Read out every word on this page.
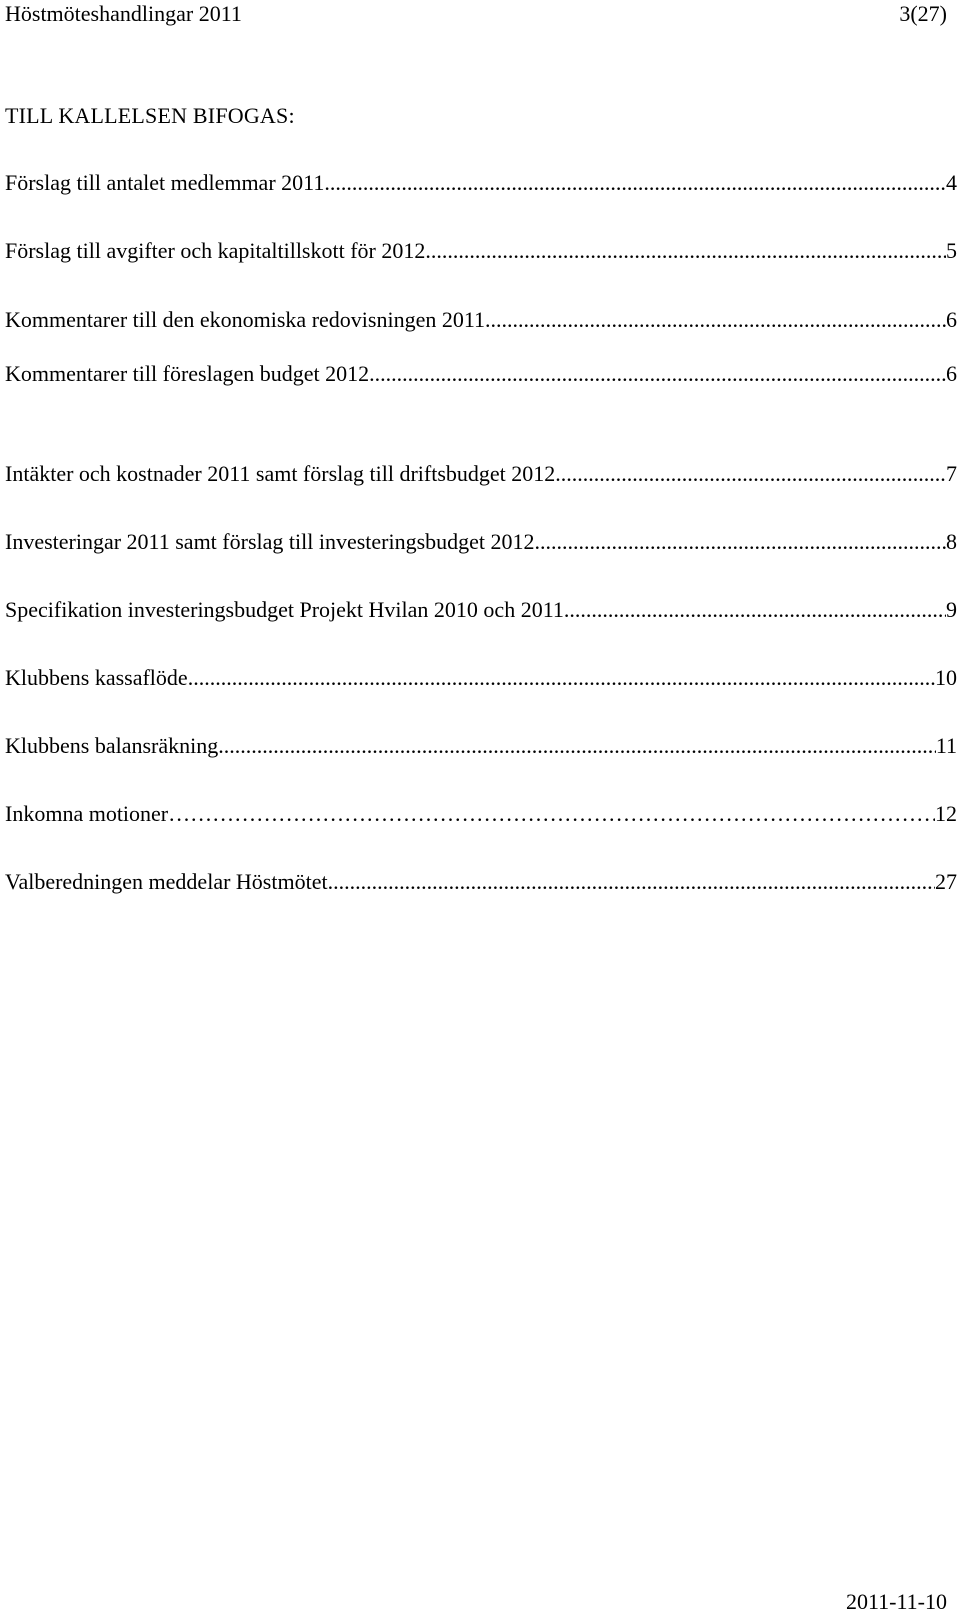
Höstmöteshandlingar 2011	3(27)
TILL KALLELSEN BIFOGAS:
Förslag till antalet medlemmar 2011 .....	4
Förslag till avgifter och kapitaltillskott för 2012 .....	5
Kommentarer till den ekonomiska redovisningen 2011 .....	6
Kommentarer till föreslagen budget 2012 .....	6
Intäkter och kostnader 2011 samt förslag till driftsbudget 2012 .....	7
Investeringar 2011 samt förslag till investeringsbudget 2012 .....	8
Specifikation investeringsbudget Projekt Hvilan 2010 och 2011 .....	9
Klubbens kassaflöde .....	10
Klubbens balansräkning .....	11
Inkomna motioner …………………………………………………………………………………………………………	12
Valberedningen meddelar Höstmötet .....	27
2011-11-10
